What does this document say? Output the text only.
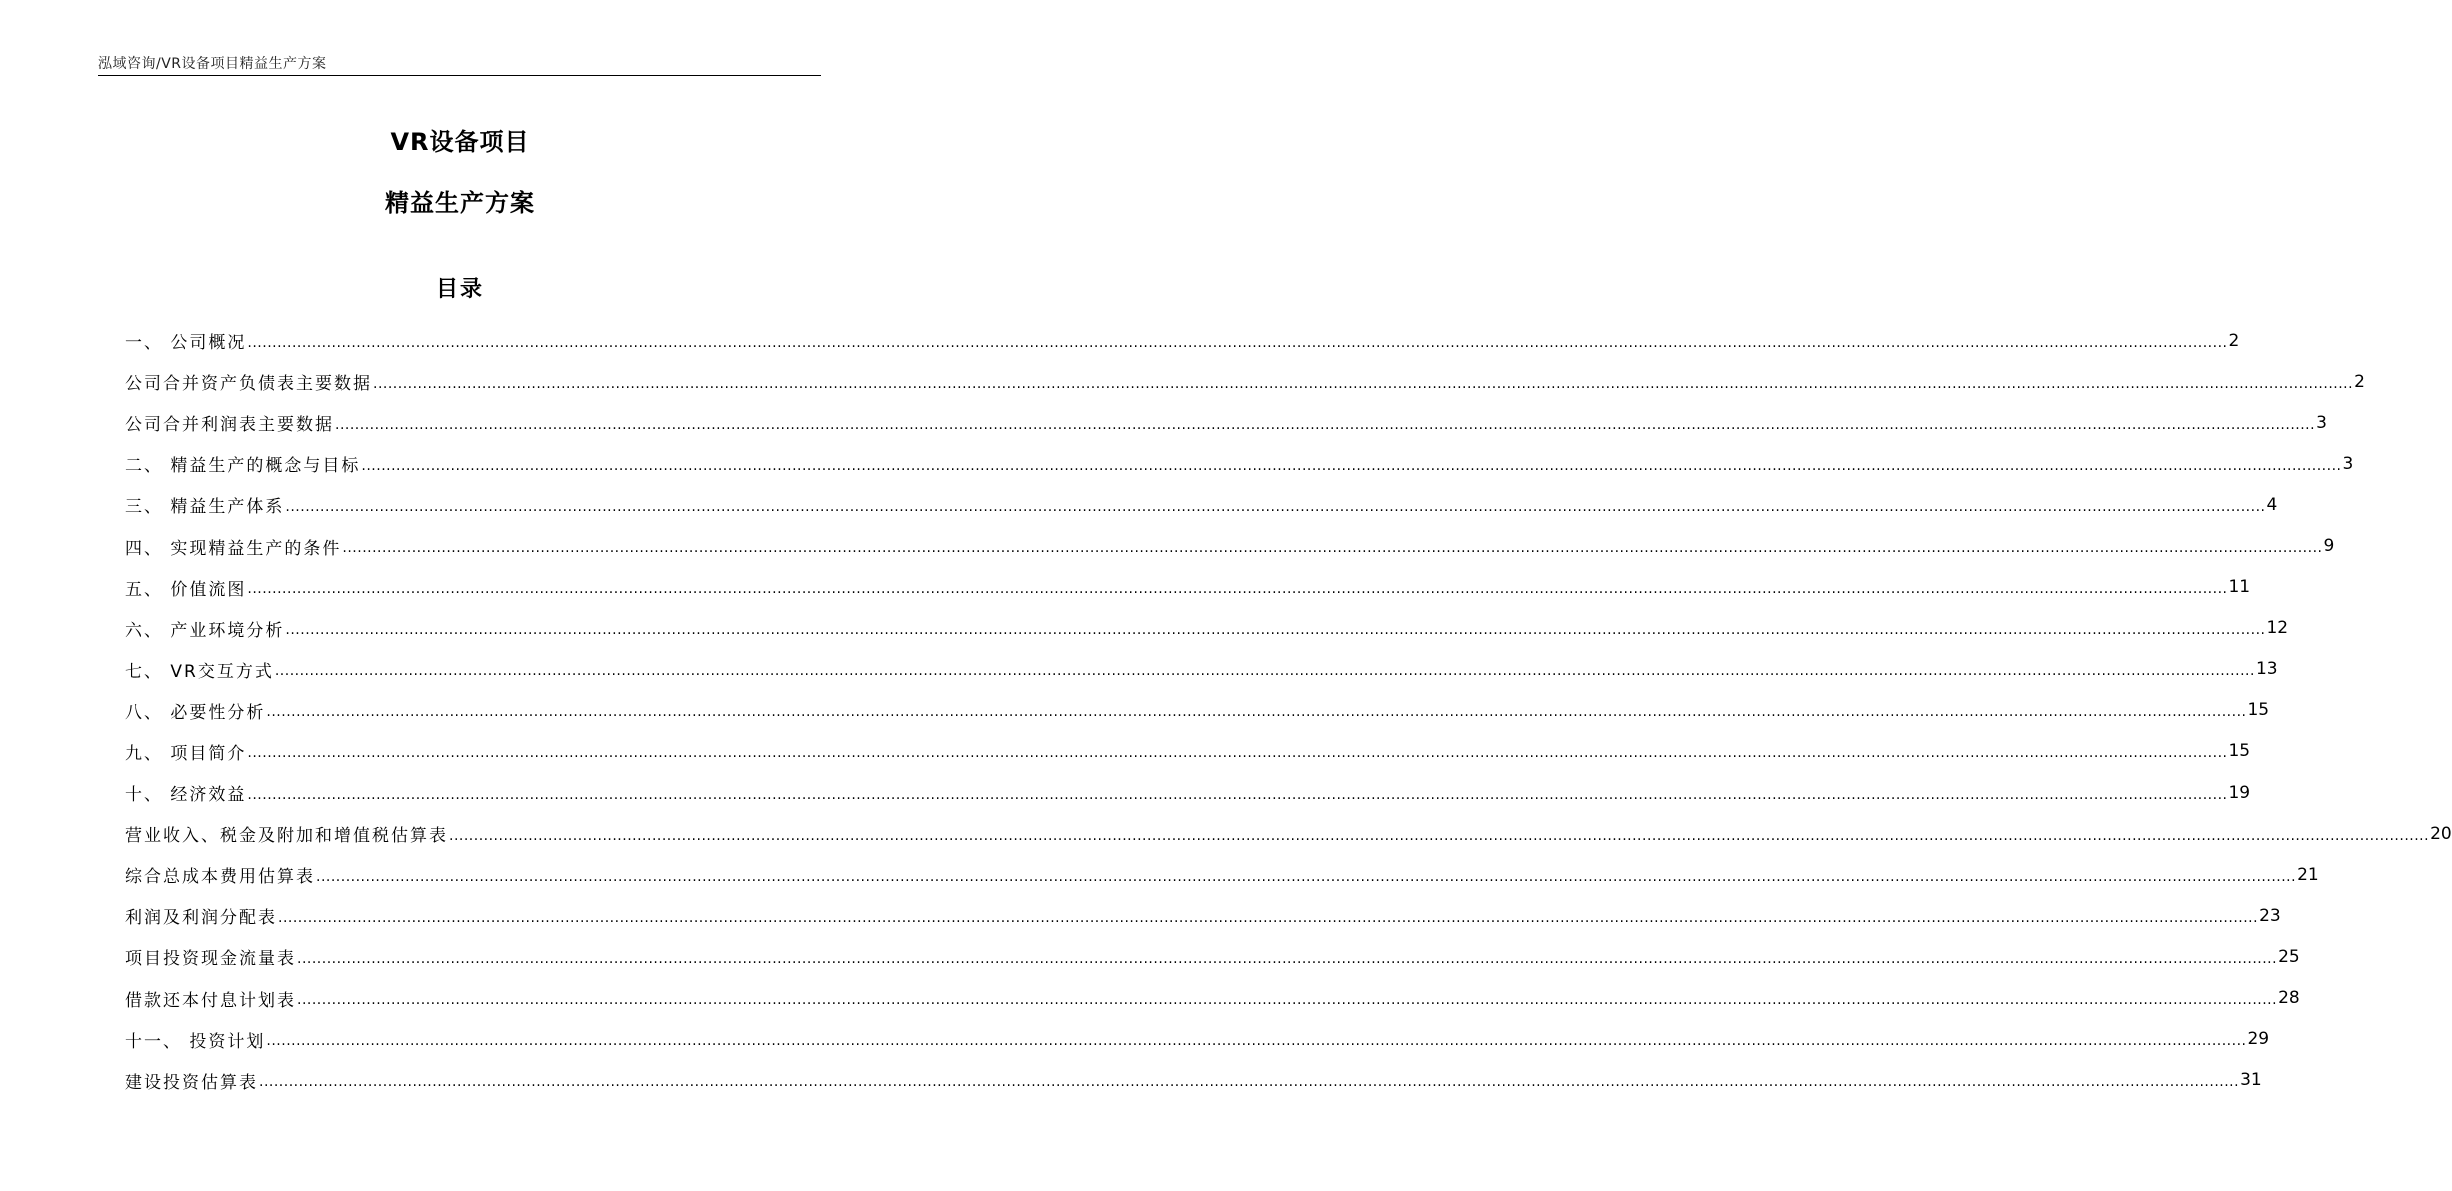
泓域咨询/VR设备项目精益生产方案
VR设备项目
精益生产方案
目录
一、 公司概况 ................................................................................................................................................................................................................................................................................................................................................................................................................ 2
公司合并资产负债表主要数据 ................................................................................................................................................................................................................................................................................................................................................................................................................ 2
公司合并利润表主要数据 ................................................................................................................................................................................................................................................................................................................................................................................................................ 3
二、 精益生产的概念与目标 ................................................................................................................................................................................................................................................................................................................................................................................................................ 3
三、 精益生产体系 ................................................................................................................................................................................................................................................................................................................................................................................................................ 4
四、 实现精益生产的条件 ................................................................................................................................................................................................................................................................................................................................................................................................................ 9
五、 价值流图 ................................................................................................................................................................................................................................................................................................................................................................................................................ 11
六、 产业环境分析 ................................................................................................................................................................................................................................................................................................................................................................................................................ 12
七、 VR交互方式 ................................................................................................................................................................................................................................................................................................................................................................................................................ 13
八、 必要性分析 ................................................................................................................................................................................................................................................................................................................................................................................................................ 15
九、 项目简介 ................................................................................................................................................................................................................................................................................................................................................................................................................ 15
十、 经济效益 ................................................................................................................................................................................................................................................................................................................................................................................................................ 19
营业收入、税金及附加和增值税估算表 ................................................................................................................................................................................................................................................................................................................................................................................................................ 20
综合总成本费用估算表 ................................................................................................................................................................................................................................................................................................................................................................................................................ 21
利润及利润分配表 ................................................................................................................................................................................................................................................................................................................................................................................................................ 23
项目投资现金流量表 ................................................................................................................................................................................................................................................................................................................................................................................................................ 25
借款还本付息计划表 ................................................................................................................................................................................................................................................................................................................................................................................................................ 28
十一、 投资计划 ................................................................................................................................................................................................................................................................................................................................................................................................................ 29
建设投资估算表 ................................................................................................................................................................................................................................................................................................................................................................................................................ 31
